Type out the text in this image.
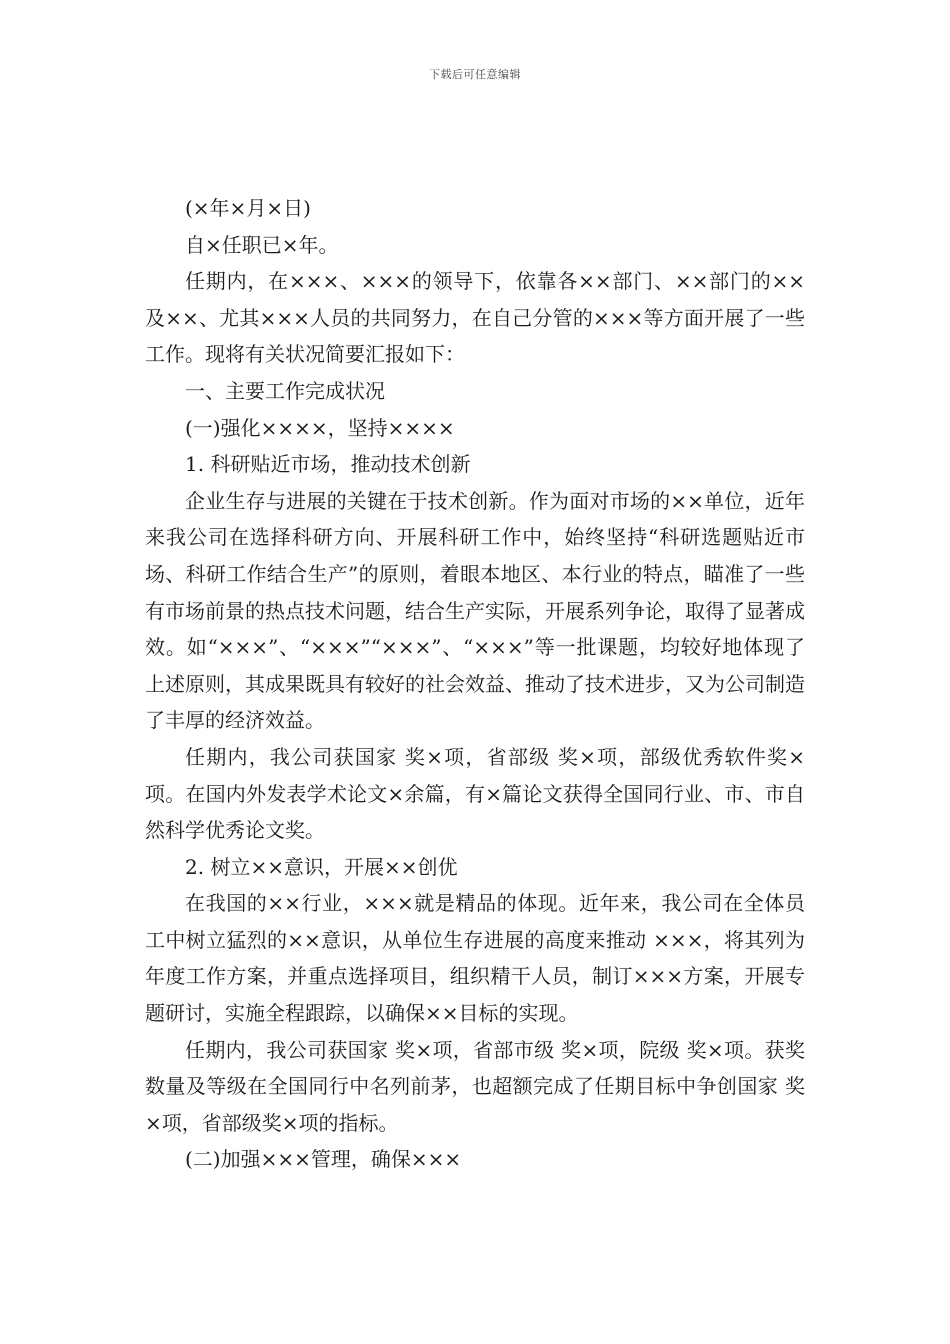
下载后可任意编辑

(×年×月×日)

自×任职已×年。

任期内，在×××、×××的领导下，依靠各××部门、××部门的××及××、尤其×××人员的共同努力，在自己分管的×××等方面开展了一些工作。现将有关状况简要汇报如下：

一、主要工作完成状况

(一)强化××××，坚持××××

1. 科研贴近市场，推动技术创新

企业生存与进展的关键在于技术创新。作为面对市场的××单位，近年来我公司在选择科研方向、开展科研工作中，始终坚持“科研选题贴近市场、科研工作结合生产”的原则，着眼本地区、本行业的特点，瞄准了一些有市场前景的热点技术问题，结合生产实际，开展系列争论，取得了显著成效。如“×××”、“×××”“×××”、“×××”等一批课题，均较好地体现了上述原则，其成果既具有较好的社会效益、推动了技术进步，又为公司制造了丰厚的经济效益。

任期内，我公司获国家 奖×项，省部级 奖×项，部级优秀软件奖×项。在国内外发表学术论文×余篇，有×篇论文获得全国同行业、市、市自然科学优秀论文奖。

2. 树立××意识，开展××创优

在我国的××行业，×××就是精品的体现。近年来，我公司在全体员工中树立猛烈的××意识，从单位生存进展的高度来推动 ×××，将其列为年度工作方案，并重点选择项目，组织精干人员，制订×××方案，开展专题研讨，实施全程跟踪，以确保××目标的实现。

任期内，我公司获国家 奖×项，省部市级 奖×项，院级 奖×项。获奖数量及等级在全国同行中名列前茅，也超额完成了任期目标中争创国家 奖×项，省部级奖×项的指标。

(二)加强×××管理，确保×××
